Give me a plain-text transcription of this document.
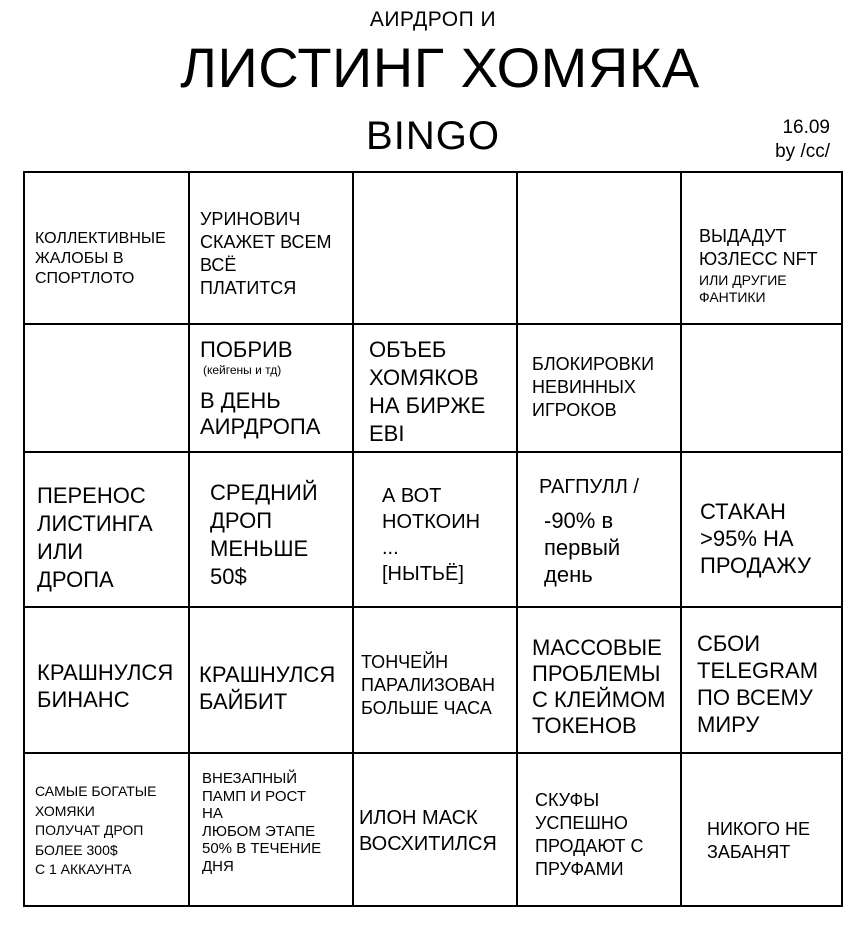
АИРДРОП И
ЛИСТИНГ ХОМЯКА
BINGO	16.09
by /cc/
КОЛЛЕКТИВНЫЕ
ЖАЛОБЫ В
СПОРТЛОТО
УРИНОВИЧ
СКАЖЕТ ВСЕМ
ВСЁ
ПЛАТИТСЯ
ВЫДАДУТ
ЮЗЛЕСС NFT
ИЛИ ДРУГИЕ
ФАНТИКИ
ПОБРИВ
(кейгены и тд)
В ДЕНЬ
АИРДРОПА
ОБЪЕБ
ХОМЯКОВ
НА БИРЖЕ
EBI
БЛОКИРОВКИ
НЕВИННЫХ
ИГРОКОВ
ПЕРЕНОС
ЛИСТИНГА
ИЛИ
ДРОПА
СРЕДНИЙ
ДРОП
МЕНЬШЕ
50$
А ВОТ
НОТКОИН
...
[НЫТЬЁ]
РАГПУЛЛ /
-90% в
первый
день
СТАКАН
>95% НА
ПРОДАЖУ
КРАШНУЛСЯ
БИНАНС
КРАШНУЛСЯ
БАЙБИТ
ТОНЧЕЙН
ПАРАЛИЗОВАН
БОЛЬШЕ ЧАСА
МАССОВЫЕ
ПРОБЛЕМЫ
С КЛЕЙМОМ
ТОКЕНОВ
СБОИ
TELEGRAM
ПО ВСЕМУ
МИРУ
САМЫЕ БОГАТЫЕ
ХОМЯКИ
ПОЛУЧАТ ДРОП
БОЛЕЕ 300$
С 1 АККАУНТА
ВНЕЗАПНЫЙ
ПАМП И РОСТ
НА
ЛЮБОМ ЭТАПЕ
50% В ТЕЧЕНИЕ
ДНЯ
ИЛОН МАСК
ВОСХИТИЛСЯ
СКУФЫ
УСПЕШНО
ПРОДАЮТ С
ПРУФАМИ
НИКОГО НЕ
ЗАБАНЯТ
